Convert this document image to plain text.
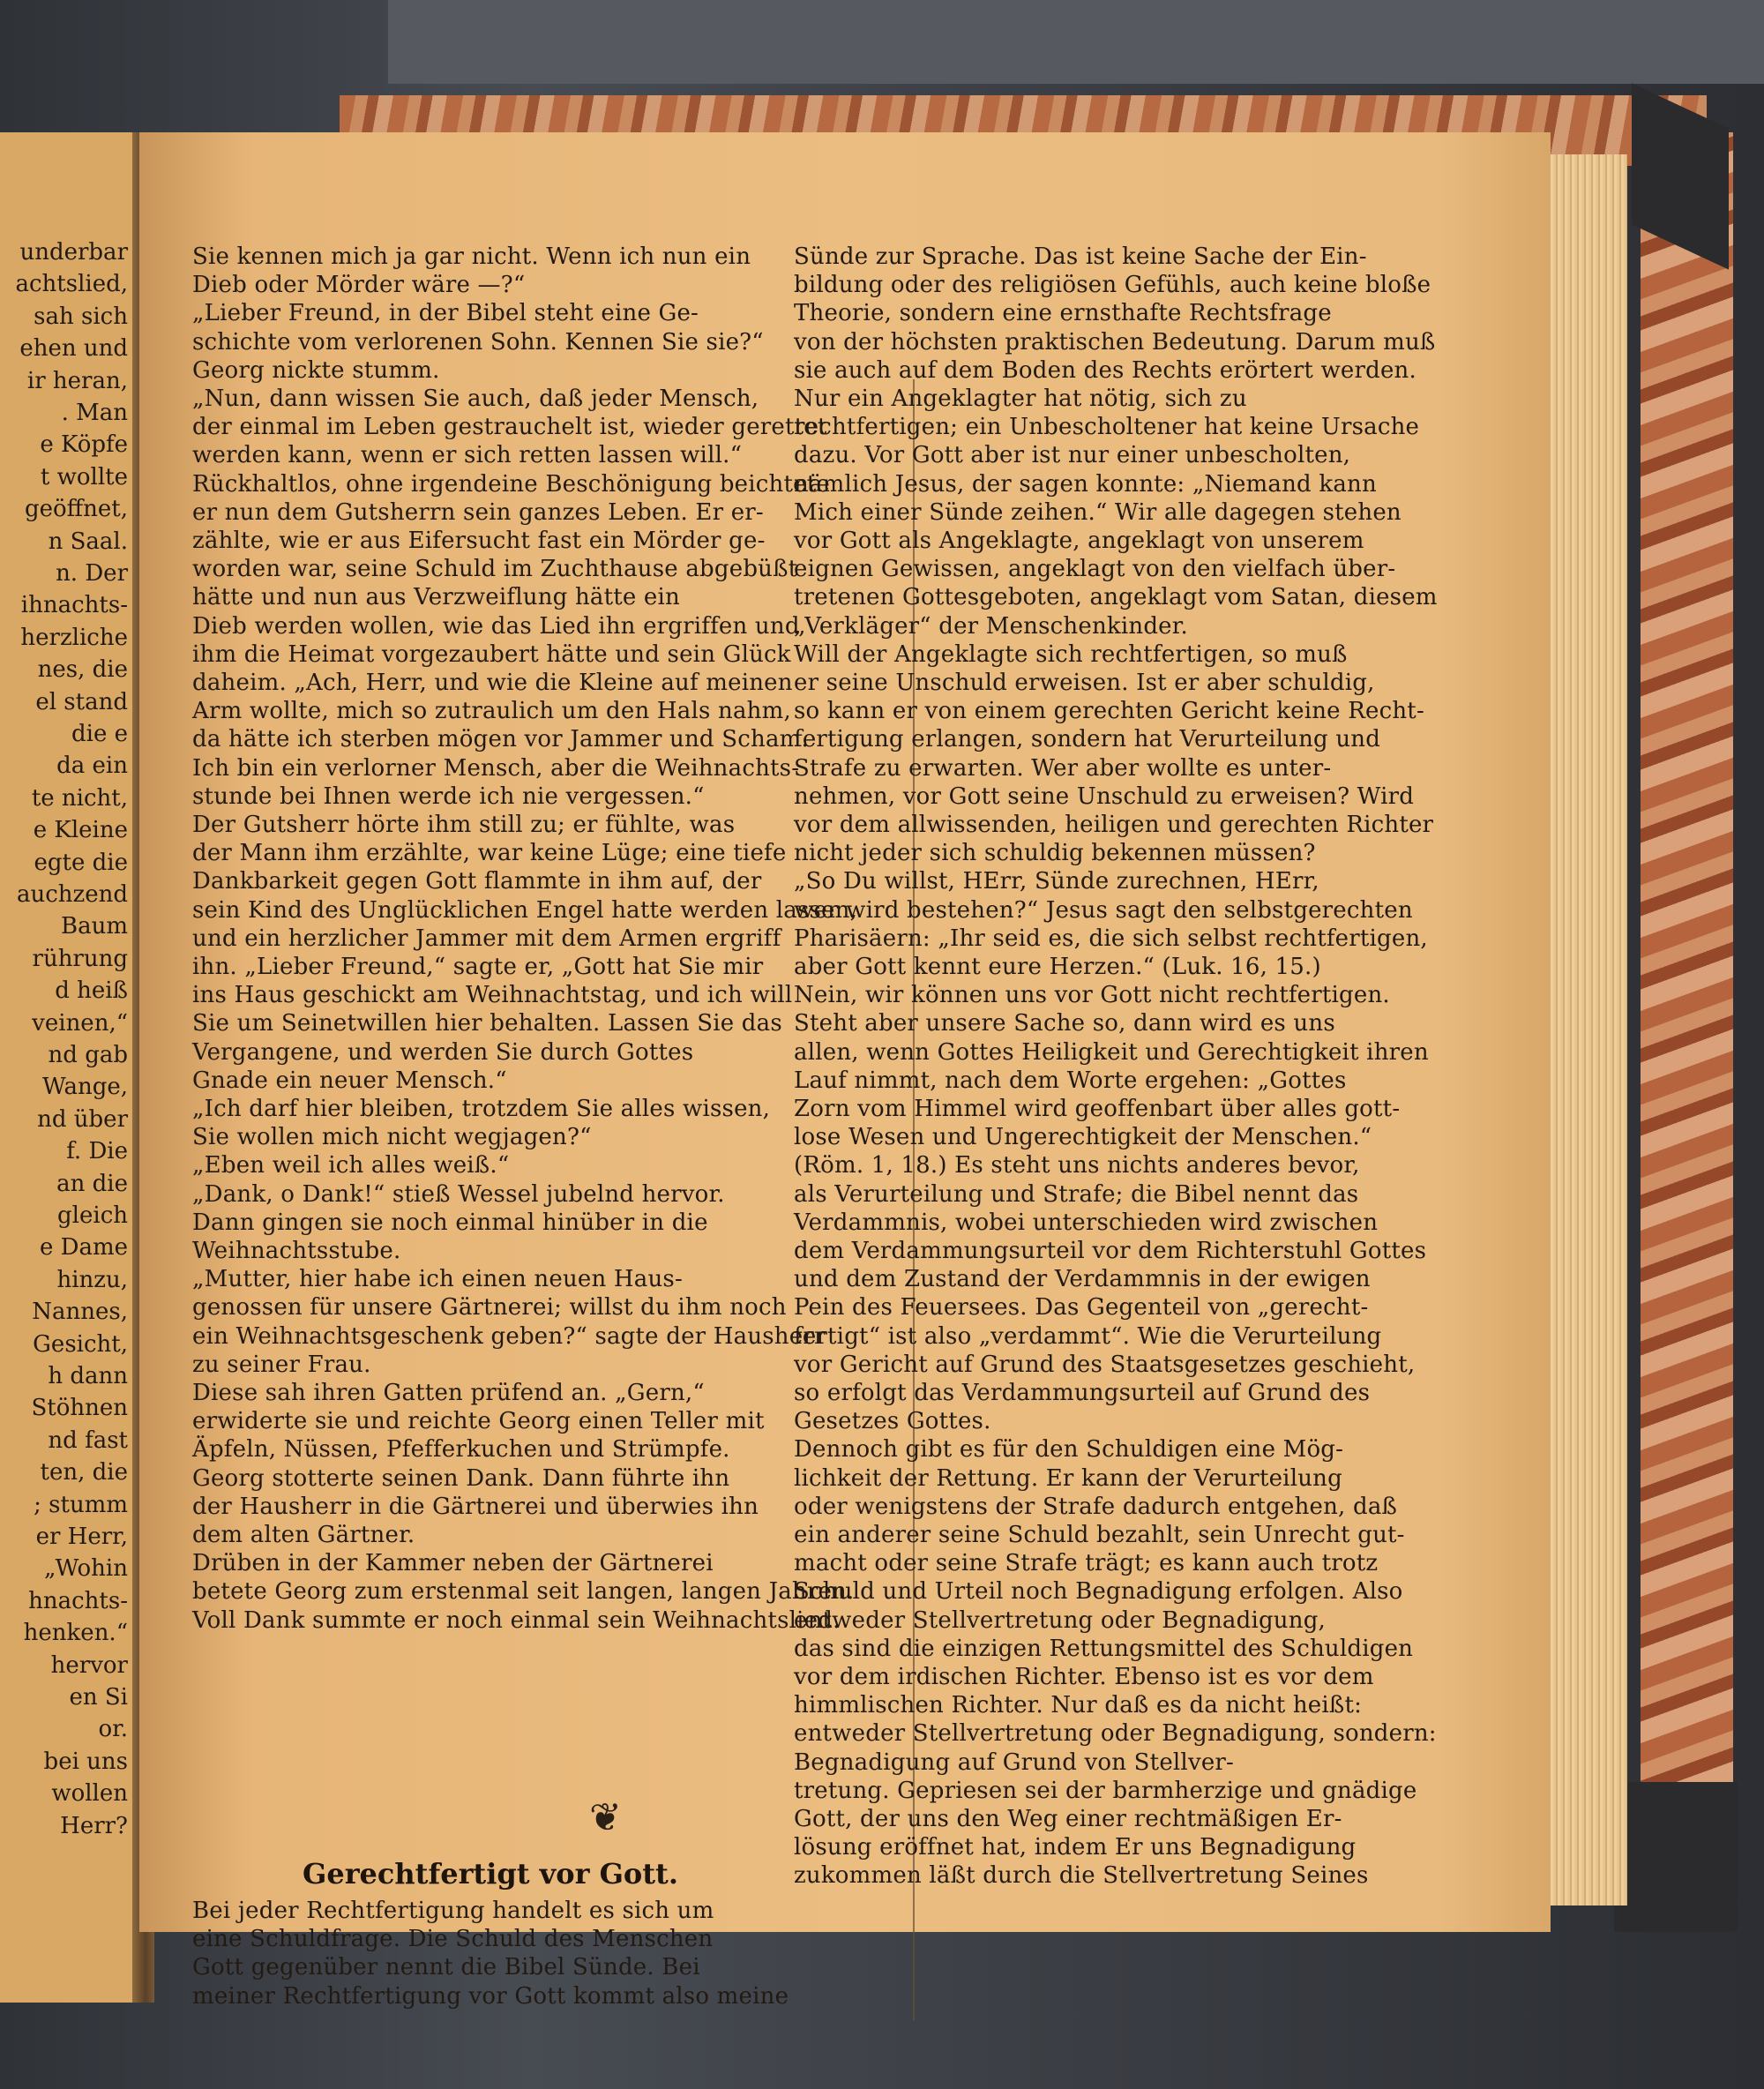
underbar
achtslied,
sah sich
ehen und
ir heran,
. Man
e Köpfe
t wollte
geöffnet,
n Saal.
n. Der
ihnachts-
herzliche
nes, die
el stand
die e
da ein
te nicht,
e Kleine
egte die
auchzend
Baum
rührung
d heiß
veinen,“
nd gab
Wange,
nd über
f. Die
an die
gleich
e Dame
hinzu,
Nannes,
Gesicht,
h dann
Stöhnen
nd fast
ten, die
; stumm
er Herr,
„Wohin
hnachts-
henken.“
hervor
en Si
or.
bei uns
wollen
Herr?
Sie kennen mich ja gar nicht. Wenn ich nun ein
Dieb oder Mörder wäre —?“
„Lieber Freund, in der Bibel steht eine Ge-
schichte vom verlorenen Sohn. Kennen Sie sie?“
Georg nickte stumm.
„Nun, dann wissen Sie auch, daß jeder Mensch,
der einmal im Leben gestrauchelt ist, wieder gerettet
werden kann, wenn er sich retten lassen will.“
Rückhaltlos, ohne irgendeine Beschönigung beichtete
er nun dem Gutsherrn sein ganzes Leben. Er er-
zählte, wie er aus Eifersucht fast ein Mörder ge-
worden war, seine Schuld im Zuchthause abgebüßt
hätte und nun aus Verzweiflung hätte ein
Dieb werden wollen, wie das Lied ihn ergriffen und
ihm die Heimat vorgezaubert hätte und sein Glück
daheim. „Ach, Herr, und wie die Kleine auf meinen
Arm wollte, mich so zutraulich um den Hals nahm,
da hätte ich sterben mögen vor Jammer und Scham.
Ich bin ein verlorner Mensch, aber die Weihnachts-
stunde bei Ihnen werde ich nie vergessen.“
Der Gutsherr hörte ihm still zu; er fühlte, was
der Mann ihm erzählte, war keine Lüge; eine tiefe
Dankbarkeit gegen Gott flammte in ihm auf, der
sein Kind des Unglücklichen Engel hatte werden lassen,
und ein herzlicher Jammer mit dem Armen ergriff
ihn. „Lieber Freund,“ sagte er, „Gott hat Sie mir
ins Haus geschickt am Weihnachtstag, und ich will
Sie um Seinetwillen hier behalten. Lassen Sie das
Vergangene, und werden Sie durch Gottes
Gnade ein neuer Mensch.“
„Ich darf hier bleiben, trotzdem Sie alles wissen,
Sie wollen mich nicht wegjagen?“
„Eben weil ich alles weiß.“
„Dank, o Dank!“ stieß Wessel jubelnd hervor.
Dann gingen sie noch einmal hinüber in die
Weihnachtsstube.
„Mutter, hier habe ich einen neuen Haus-
genossen für unsere Gärtnerei; willst du ihm noch
ein Weihnachtsgeschenk geben?“ sagte der Hausherr
zu seiner Frau.
Diese sah ihren Gatten prüfend an. „Gern,“
erwiderte sie und reichte Georg einen Teller mit
Äpfeln, Nüssen, Pfefferkuchen und Strümpfe.
Georg stotterte seinen Dank. Dann führte ihn
der Hausherr in die Gärtnerei und überwies ihn
dem alten Gärtner.
Drüben in der Kammer neben der Gärtnerei
betete Georg zum erstenmal seit langen, langen Jahren.
Voll Dank summte er noch einmal sein Weihnachtslied.
❦
Gerechtfertigt vor Gott.
Bei jeder Rechtfertigung handelt es sich um
eine Schuldfrage. Die Schuld des Menschen
Gott gegenüber nennt die Bibel Sünde. Bei
meiner Rechtfertigung vor Gott kommt also meine
Sünde zur Sprache. Das ist keine Sache der Ein-
bildung oder des religiösen Gefühls, auch keine bloße
Theorie, sondern eine ernsthafte Rechtsfrage
von der höchsten praktischen Bedeutung. Darum muß
sie auch auf dem Boden des Rechts erörtert werden.
Nur ein Angeklagter hat nötig, sich zu
rechtfertigen; ein Unbescholtener hat keine Ursache
dazu. Vor Gott aber ist nur einer unbescholten,
nämlich Jesus, der sagen konnte: „Niemand kann
Mich einer Sünde zeihen.“ Wir alle dagegen stehen
vor Gott als Angeklagte, angeklagt von unserem
eignen Gewissen, angeklagt von den vielfach über-
tretenen Gottesgeboten, angeklagt vom Satan, diesem
„Verkläger“ der Menschenkinder.
Will der Angeklagte sich rechtfertigen, so muß
er seine Unschuld erweisen. Ist er aber schuldig,
so kann er von einem gerechten Gericht keine Recht-
fertigung erlangen, sondern hat Verurteilung und
Strafe zu erwarten. Wer aber wollte es unter-
nehmen, vor Gott seine Unschuld zu erweisen? Wird
vor dem allwissenden, heiligen und gerechten Richter
nicht jeder sich schuldig bekennen müssen?
„So Du willst, HErr, Sünde zurechnen, HErr,
wer wird bestehen?“ Jesus sagt den selbstgerechten
Pharisäern: „Ihr seid es, die sich selbst rechtfertigen,
aber Gott kennt eure Herzen.“ (Luk. 16, 15.)
Nein, wir können uns vor Gott nicht rechtfertigen.
Steht aber unsere Sache so, dann wird es uns
allen, wenn Gottes Heiligkeit und Gerechtigkeit ihren
Lauf nimmt, nach dem Worte ergehen: „Gottes
Zorn vom Himmel wird geoffenbart über alles gott-
lose Wesen und Ungerechtigkeit der Menschen.“
(Röm. 1, 18.) Es steht uns nichts anderes bevor,
als Verurteilung und Strafe; die Bibel nennt das
Verdammnis, wobei unterschieden wird zwischen
dem Verdammungsurteil vor dem Richterstuhl Gottes
und dem Zustand der Verdammnis in der ewigen
Pein des Feuersees. Das Gegenteil von „gerecht-
fertigt“ ist also „verdammt“. Wie die Verurteilung
vor Gericht auf Grund des Staatsgesetzes geschieht,
so erfolgt das Verdammungsurteil auf Grund des
Gesetzes Gottes.
Dennoch gibt es für den Schuldigen eine Mög-
lichkeit der Rettung. Er kann der Verurteilung
oder wenigstens der Strafe dadurch entgehen, daß
ein anderer seine Schuld bezahlt, sein Unrecht gut-
macht oder seine Strafe trägt; es kann auch trotz
Schuld und Urteil noch Begnadigung erfolgen. Also
entweder Stellvertretung oder Begnadigung,
das sind die einzigen Rettungsmittel des Schuldigen
vor dem irdischen Richter. Ebenso ist es vor dem
himmlischen Richter. Nur daß es da nicht heißt:
entweder Stellvertretung oder Begnadigung, sondern:
Begnadigung auf Grund von Stellver-
tretung. Gepriesen sei der barmherzige und gnädige
Gott, der uns den Weg einer rechtmäßigen Er-
lösung eröffnet hat, indem Er uns Begnadigung
zukommen läßt durch die Stellvertretung Seines
